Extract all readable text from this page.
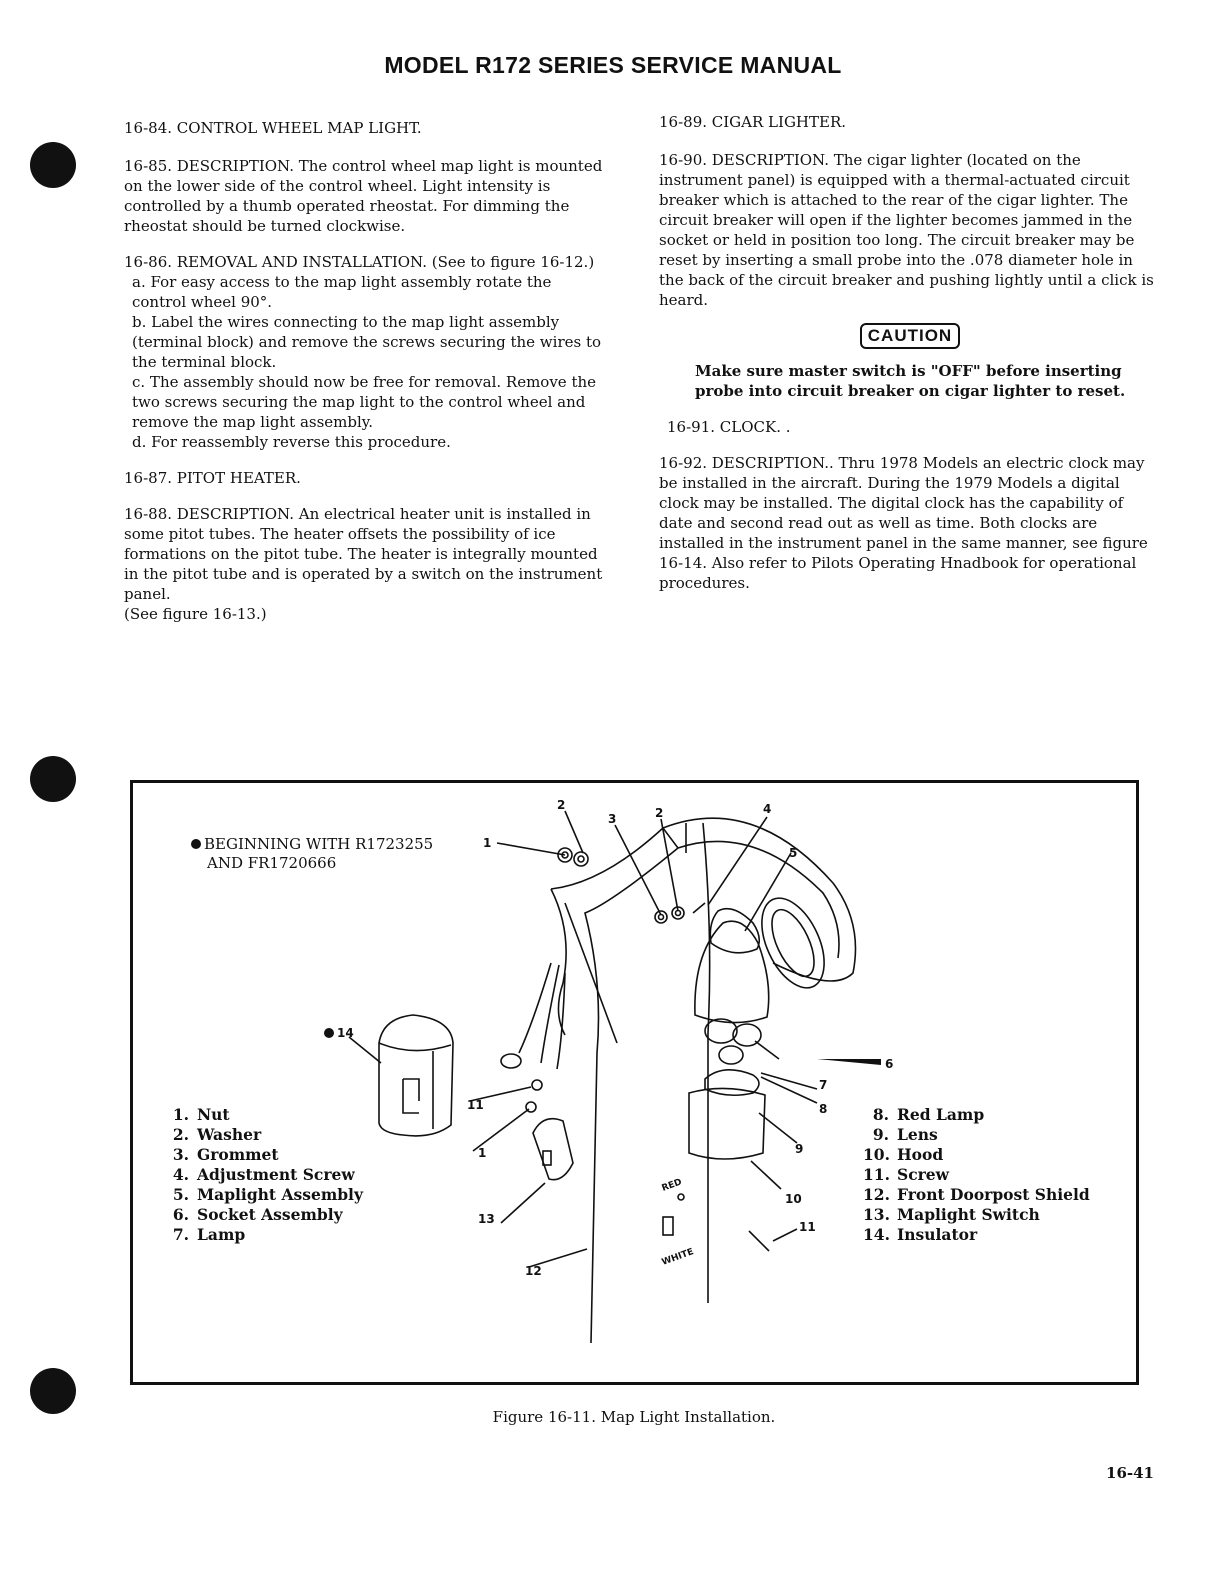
MODEL R172 SERIES SERVICE MANUAL

16-84. CONTROL WHEEL MAP LIGHT.

16-85. DESCRIPTION. The control wheel map light is mounted on the lower side of the control wheel. Light intensity is controlled by a thumb operated rheostat. For dimming the rheostat should be turned clockwise.

16-86. REMOVAL AND INSTALLATION. (See to figure 16-12.)

a. For easy access to the map light assembly rotate the control wheel 90°.

b. Label the wires connecting to the map light assembly (terminal block) and remove the screws securing the wires to the terminal block.

c. The assembly should now be free for removal. Remove the two screws securing the map light to the control wheel and remove the map light assembly.

d. For reassembly reverse this procedure.

16-87. PITOT HEATER.

16-88. DESCRIPTION. An electrical heater unit is installed in some pitot tubes. The heater offsets the possibility of ice formations on the pitot tube. The heater is integrally mounted in the pitot tube and is operated by a switch on the instrument panel.

(See figure 16-13.)

16-89. CIGAR LIGHTER.

16-90. DESCRIPTION. The cigar lighter (located on the instrument panel) is equipped with a thermal-actuated circuit breaker which is attached to the rear of the cigar lighter. The circuit breaker will open if the lighter becomes jammed in the socket or held in position too long. The circuit breaker may be reset by inserting a small probe into the .078 diameter hole in the back of the circuit breaker and pushing lightly until a click is heard.

CAUTION

Make sure master switch is "OFF" before inserting probe into circuit breaker on cigar lighter to reset.

16-91. CLOCK. .

16-92. DESCRIPTION.. Thru 1978 Models an electric clock may be installed in the aircraft. During the 1979 Models a digital clock may be installed. The digital clock has the capability of date and second read out as well as time. Both clocks are installed in the instrument panel in the same manner, see figure 16-14. Also refer to Pilots Operating Hnadbook for operational procedures.

BEGINNING WITH R1723255
AND FR1720666
1
2
3	2	4
5
6
7
8
9
10
11
11
1
13
12
14
RED
WHITE
1. Nut
2. Washer
3. Grommet
4. Adjustment Screw
5. Maplight Assembly
6. Socket Assembly
7. Lamp
8. Red Lamp
9. Lens
10. Hood
11. Screw
12. Front Doorpost Shield
13. Maplight Switch
14. Insulator
Figure 16-11. Map Light Installation.
16-41
